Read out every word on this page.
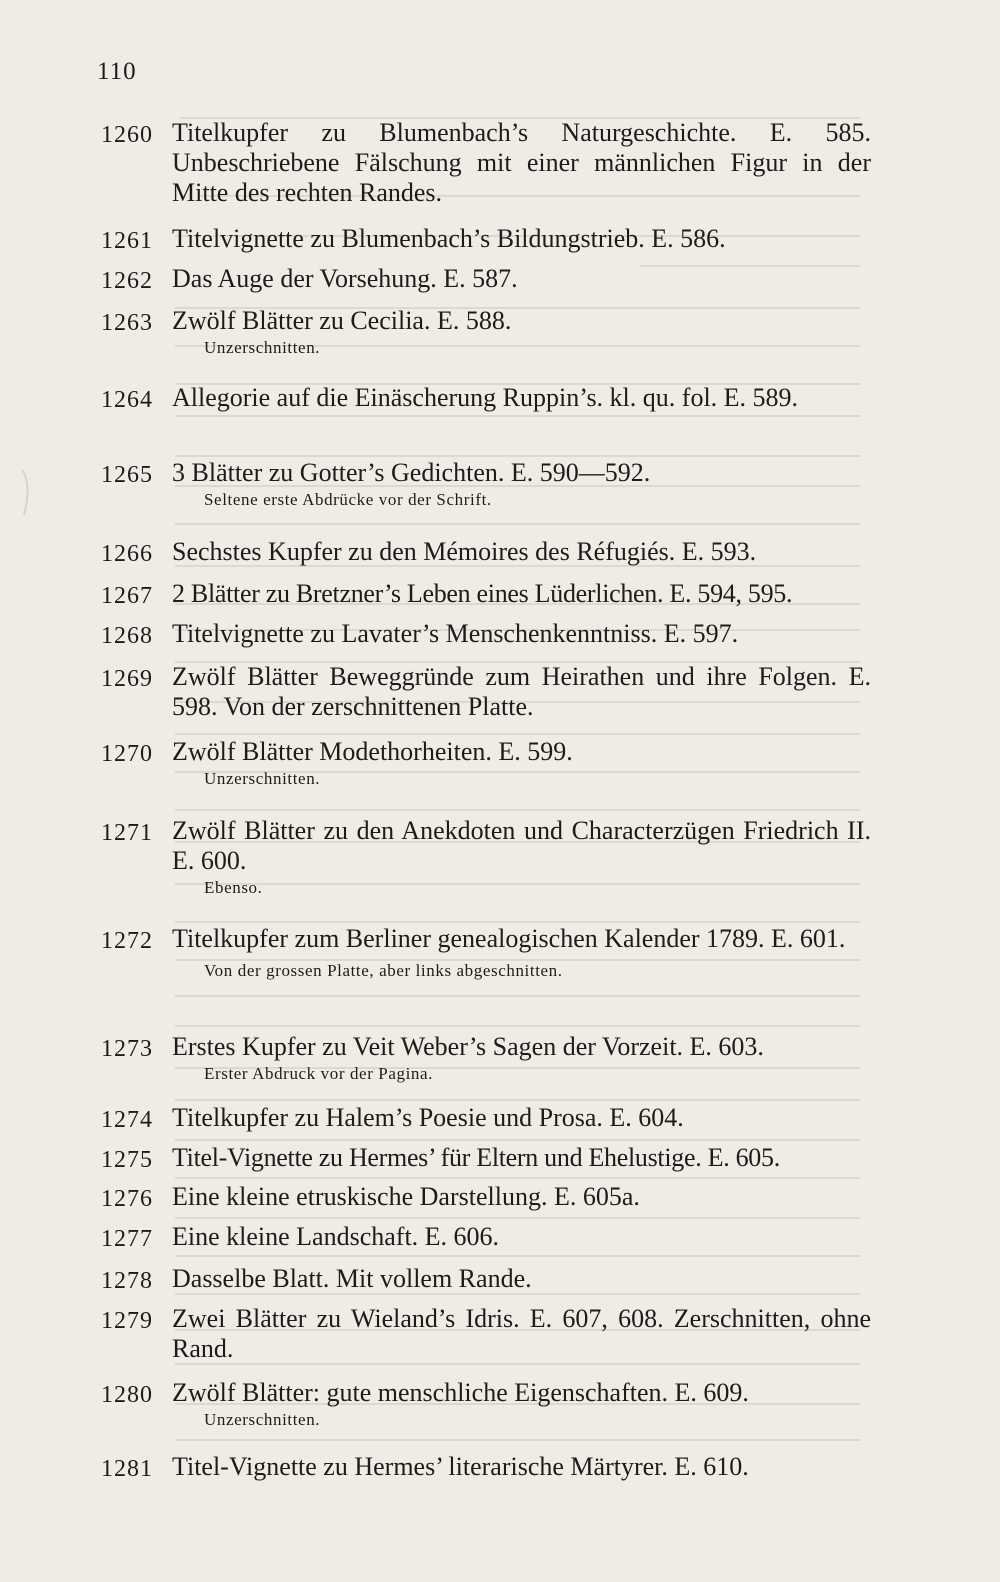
110
1260 Titelkupfer zu Blumenbach’s Naturgeschichte. E. 585. Unbeschriebene Fälschung mit einer männlichen Figur in der Mitte des rechten Randes.
1261 Titelvignette zu Blumenbach’s Bildungstrieb. E. 586.
1262 Das Auge der Vorsehung. E. 587.
1263 Zwölf Blätter zu Cecilia. E. 588.
Unzerschnitten.
1264 Allegorie auf die Einäscherung Ruppin’s. kl. qu. fol. E. 589.
1265 3 Blätter zu Gotter’s Gedichten. E. 590—592.
Seltene erste Abdrücke vor der Schrift.
1266 Sechstes Kupfer zu den Mémoires des Réfugiés. E. 593.
1267 2 Blätter zu Bretzner’s Leben eines Lüderlichen. E. 594, 595.
1268 Titelvignette zu Lavater’s Menschenkenntniss. E. 597.
1269 Zwölf Blätter Beweggründe zum Heirathen und ihre Folgen. E. 598. Von der zerschnittenen Platte.
1270 Zwölf Blätter Modethorheiten. E. 599.
Unzerschnitten.
1271 Zwölf Blätter zu den Anekdoten und Characterzügen Friedrich II. E. 600.
Ebenso.
1272 Titelkupfer zum Berliner genealogischen Kalender 1789. E. 601.
Von der grossen Platte, aber links abgeschnitten.
1273 Erstes Kupfer zu Veit Weber’s Sagen der Vorzeit. E. 603.
Erster Abdruck vor der Pagina.
1274 Titelkupfer zu Halem’s Poesie und Prosa. E. 604.
1275 Titel-Vignette zu Hermes’ für Eltern und Ehelustige. E. 605.
1276 Eine kleine etruskische Darstellung. E. 605a.
1277 Eine kleine Landschaft. E. 606.
1278 Dasselbe Blatt. Mit vollem Rande.
1279 Zwei Blätter zu Wieland’s Idris. E. 607, 608. Zerschnitten, ohne Rand.
1280 Zwölf Blätter: gute menschliche Eigenschaften. E. 609.
Unzerschnitten.
1281 Titel-Vignette zu Hermes’ literarische Märtyrer. E. 610.
